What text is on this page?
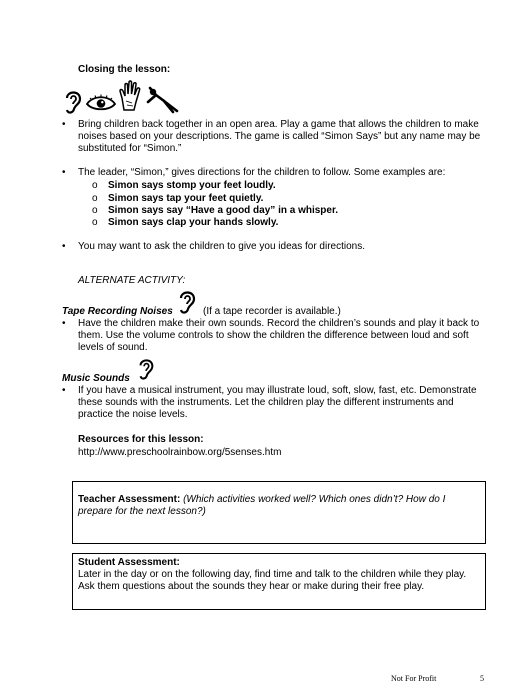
Closing the lesson:
• Bring children back together in an open area. Play a game that allows the children to make noises based on your descriptions. The game is called “Simon Says” but any name may be substituted for “Simon.”
• The leader, “Simon,” gives directions for the children to follow. Some examples are:
o Simon says stomp your feet loudly.
o Simon says tap your feet quietly.
o Simon says say “Have a good day” in a whisper.
o Simon says clap your hands slowly.
• You may want to ask the children to give you ideas for directions.
ALTERNATE ACTIVITY:
Tape Recording Noises	(If a tape recorder is available.)
• Have the children make their own sounds. Record the children’s sounds and play it back to them. Use the volume controls to show the children the difference between loud and soft levels of sound.
Music Sounds
• If you have a musical instrument, you may illustrate loud, soft, slow, fast, etc. Demonstrate these sounds with the instruments. Let the children play the different instruments and practice the noise levels.
Resources for this lesson:
http://www.preschoolrainbow.org/5senses.htm
Teacher Assessment: (Which activities worked well? Which ones didn’t? How do I prepare for the next lesson?)
Student Assessment:
Later in the day or on the following day, find time and talk to the children while they play. Ask them questions about the sounds they hear or make during their free play.
Not For Profit	5
